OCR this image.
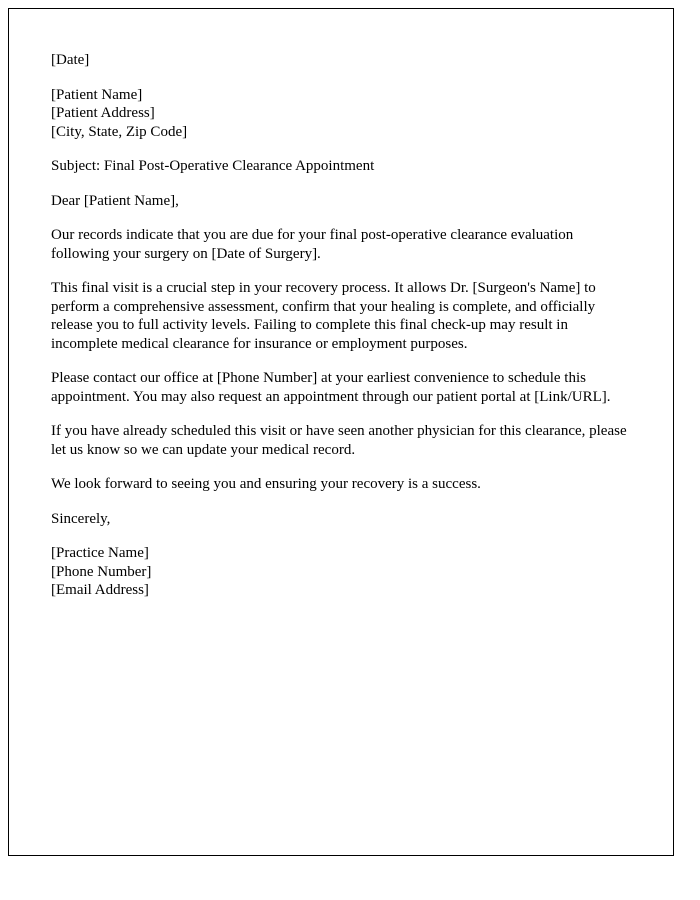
[Date]
[Patient Name]
[Patient Address]
[City, State, Zip Code]
Subject: Final Post-Operative Clearance Appointment
Dear [Patient Name],

Our records indicate that you are due for your final post-operative clearance evaluation following your surgery on [Date of Surgery].

This final visit is a crucial step in your recovery process. It allows Dr. [Surgeon's Name] to perform a comprehensive assessment, confirm that your healing is complete, and officially release you to full activity levels. Failing to complete this final check-up may result in incomplete medical clearance for insurance or employment purposes.

Please contact our office at [Phone Number] at your earliest convenience to schedule this appointment. You may also request an appointment through our patient portal at [Link/URL].

If you have already scheduled this visit or have seen another physician for this clearance, please let us know so we can update your medical record.

We look forward to seeing you and ensuring your recovery is a success.

Sincerely,
[Practice Name]
[Phone Number]
[Email Address]
